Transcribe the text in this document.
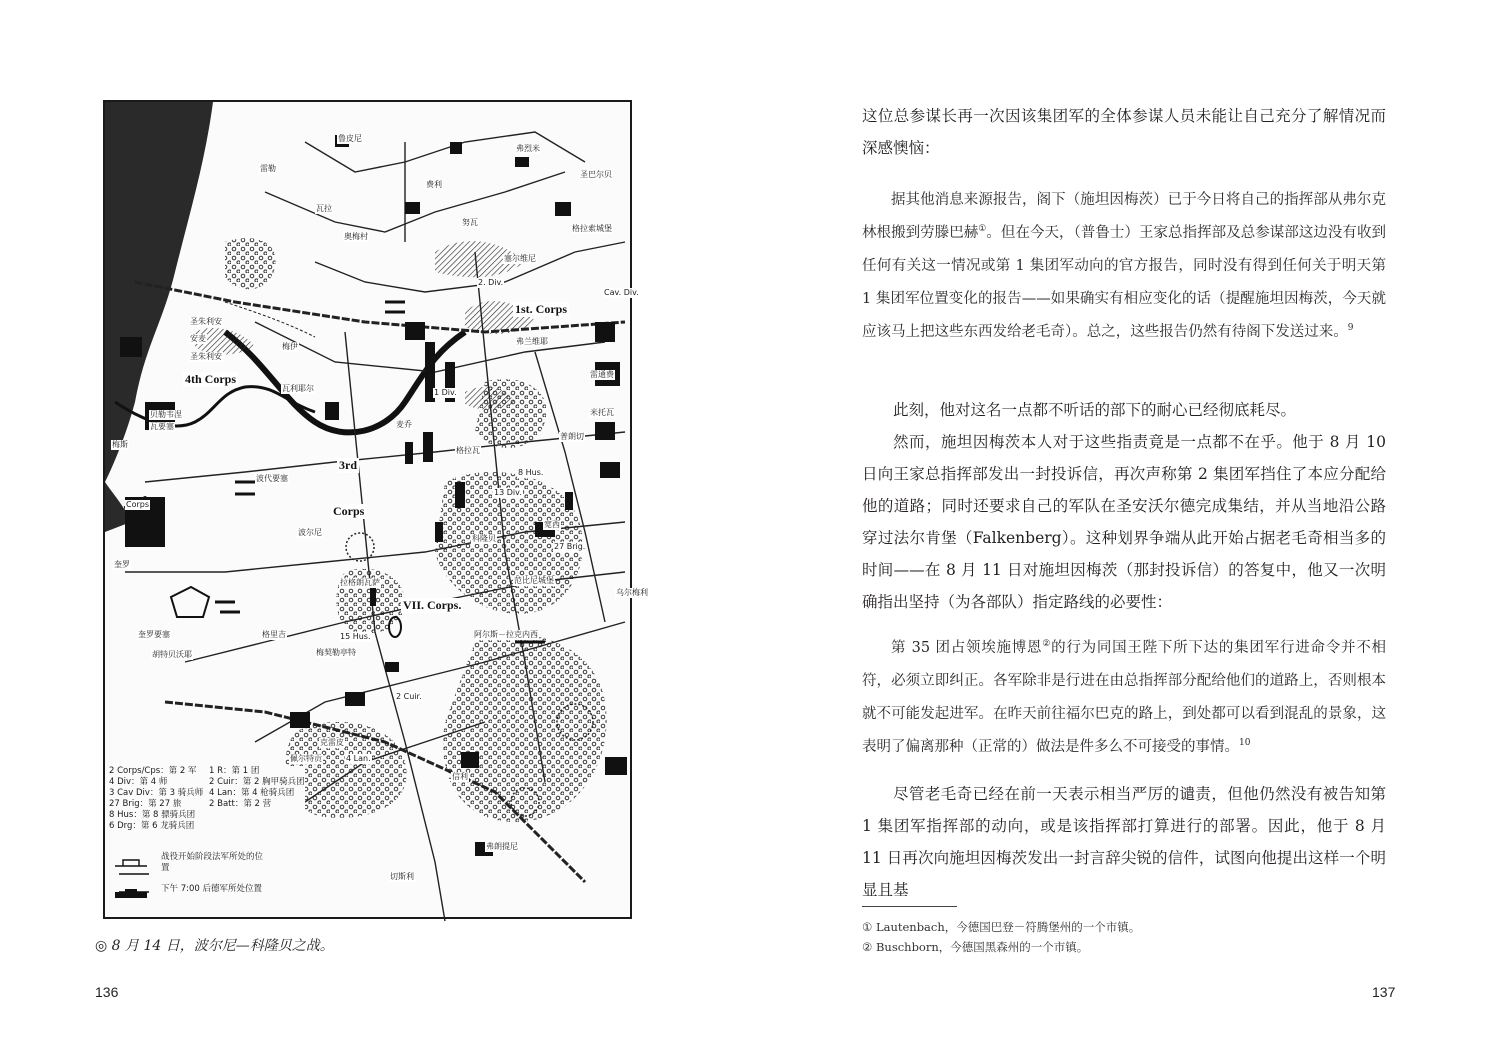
鲁皮尼
雷勒
弗烈米
圣巴尔贝
费利
瓦拉
努瓦
格拉索城堡
奥梅村
塞尔维尼
圣朱利安
圣朱利安
梅伊
安麦	弗兰维耶
雷通费
米托瓦
普朗切
瓦利耶尔
麦乔
格拉瓦
梅斯
贝勒韦涅
瓦要塞
波代要塞
波尔尼
科隆贝
宽西
拉格朗瓦萨	范比尼城堡
乌尔梅利
奎罗
格里吉
奎罗要塞
胡特贝沃耶	梅契勒亭特
阿尔斯－拉克内西
克雷皮
佩尔特贡
信利
弗朗提尼
切斯利
1st. Corps
4th Corps
3rd
Corps
VII. Corps.
Corps
Cav. Div.
2. Div.
1 Div.
13 Div.
8 Hus.
27 Brig.
15 Hus.
2 Cuir.
4 Lan.
2 Corps/Cps：第 2 军	1 R：第 1 团
4 Div：第 4 师	2 Cuir：第 2 胸甲骑兵团
3 Cav Div：第 3 骑兵师 4 Lan：第 4 枪骑兵团
27 Brig：第 27 旅	2 Batt：第 2 营
8 Hus：第 8 骠骑兵团
6 Drg：第 6 龙骑兵团
战役开始阶段法军所处的位置
下午 7:00 后德军所处位置
◎ 8 月 14 日，波尔尼—科隆贝之战。
136

这位总参谋长再一次因该集团军的全体参谋人员未能让自己充分了解情况而深感懊恼：

据其他消息来源报告，阁下（施坦因梅茨）已于今日将自己的指挥部从弗尔克林根搬到劳滕巴赫①。但在今天，（普鲁士）王家总指挥部及总参谋部这边没有收到任何有关这一情况或第 1 集团军动向的官方报告，同时没有得到任何关于明天第 1 集团军位置变化的报告——如果确实有相应变化的话（提醒施坦因梅茨，今天就应该马上把这些东西发给老毛奇）。总之，这些报告仍然有待阁下发送过来。$^9$

此刻，他对这名一点都不听话的部下的耐心已经彻底耗尽。

然而，施坦因梅茨本人对于这些指责竟是一点都不在乎。他于 8 月 10 日向王家总指挥部发出一封投诉信，再次声称第 2 集团军挡住了本应分配给他的道路；同时还要求自己的军队在圣安沃尔德完成集结，并从当地沿公路穿过法尔肯堡（Falkenberg）。这种划界争端从此开始占据老毛奇相当多的时间——在 8 月 11 日对施坦因梅茨（那封投诉信）的答复中，他又一次明确指出坚持（为各部队）指定路线的必要性：

第 35 团占领埃施博恩②的行为同国王陛下所下达的集团军行进命令并不相符，必须立即纠正。各军除非是行进在由总指挥部分配给他们的道路上，否则根本就不可能发起进军。在昨天前往福尔巴克的路上，到处都可以看到混乱的景象，这表明了偏离那种（正常的）做法是件多么不可接受的事情。$^{10}$

尽管老毛奇已经在前一天表示相当严厉的谴责，但他仍然没有被告知第 1 集团军指挥部的动向，或是该指挥部打算进行的部署。因此，他于 8 月 11 日再次向施坦因梅茨发出一封言辞尖锐的信件，试图向他提出这样一个明显且基

① Lautenbach，今德国巴登－符腾堡州的一个市镇。
② Buschborn，今德国黑森州的一个市镇。
137
